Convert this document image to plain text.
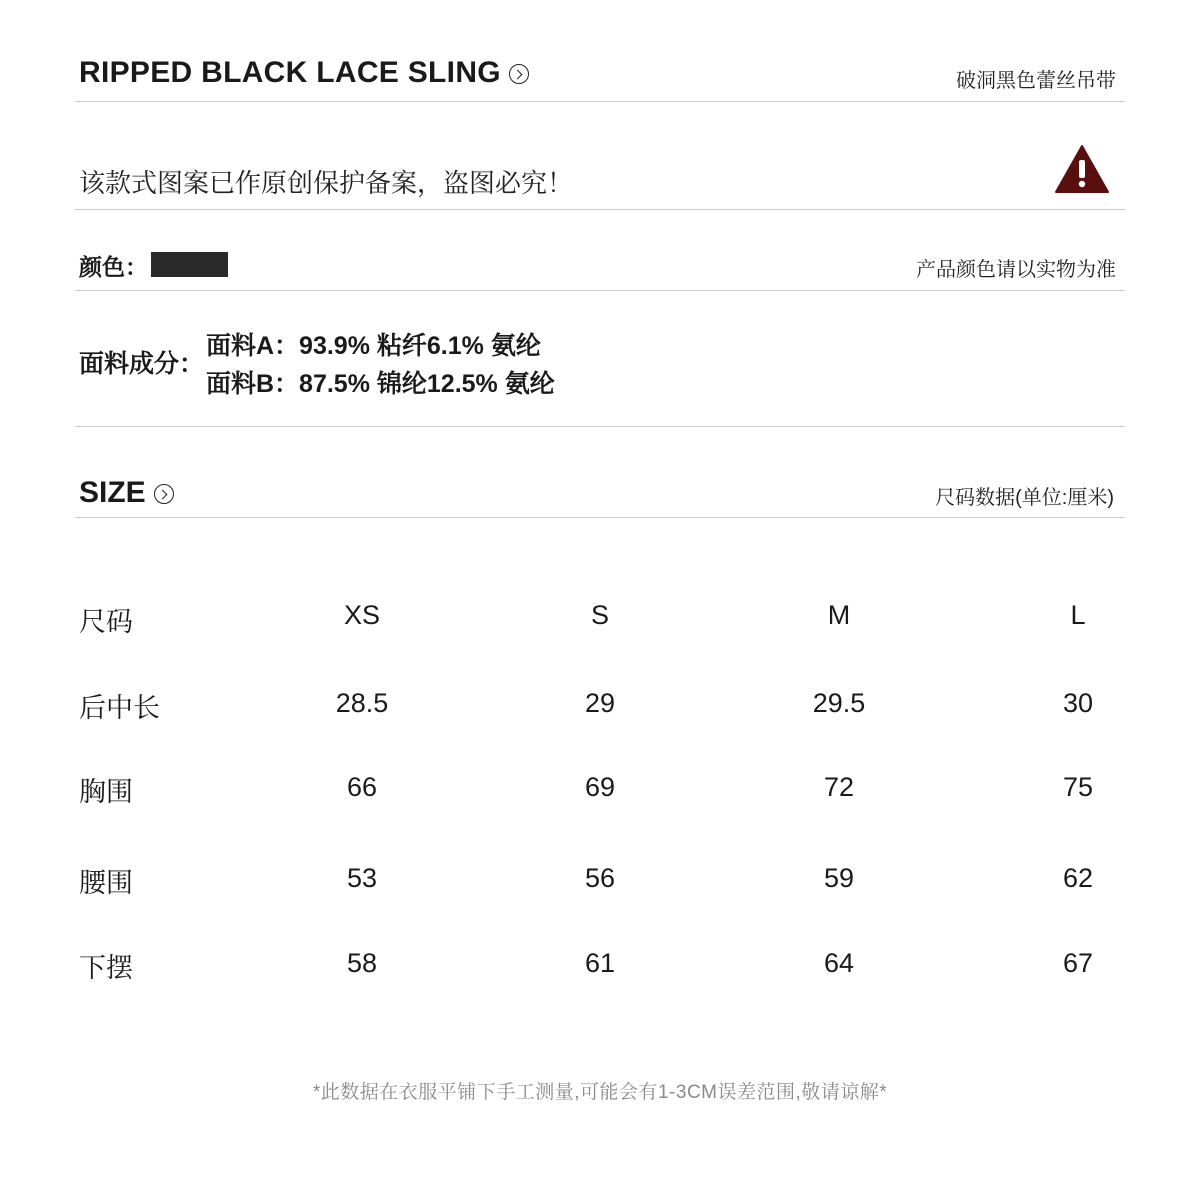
RIPPED BLACK LACE SLING	破洞黑色蕾丝吊带
该款式图案已作原创保护备案，盗图必究！
颜色：	产品颜色请以实物为准
面料成分：
面料A：93.9% 粘纤6.1% 氨纶
面料B：87.5% 锦纶12.5% 氨纶
SIZE	尺码数据(单位:厘米)
尺码	XS	S	M	L
后中长	28.5	29	29.5	30
胸围	66	69	72	75
腰围	53	56	59	62
下摆	58	61	64	67
*此数据在衣服平铺下手工测量,可能会有1-3CM误差范围,敬请谅解*
